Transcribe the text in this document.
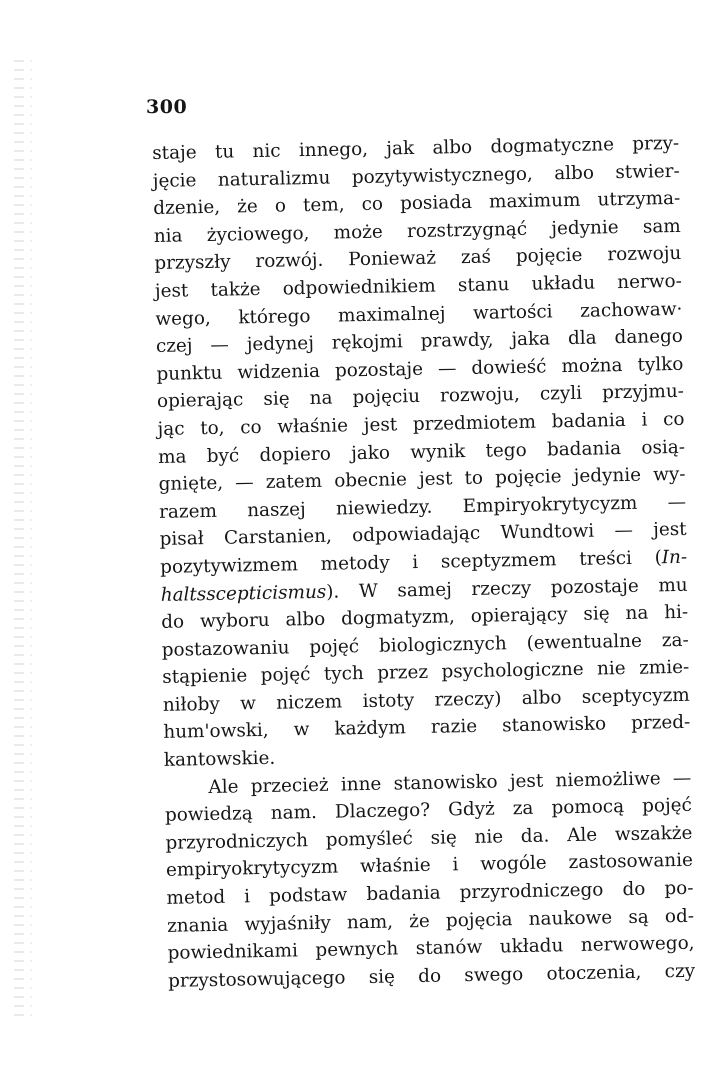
300
staje tu nic innego, jak albo dogmatyczne przy-
jęcie naturalizmu pozytywistycznego, albo stwier-
dzenie, że o tem, co posiada maximum utrzyma-
nia życiowego, może rozstrzygnąć jedynie sam
przyszły rozwój. Ponieważ zaś pojęcie rozwoju
jest także odpowiednikiem stanu układu nerwo-
wego, którego maximalnej wartości zachowaw·
czej — jedynej rękojmi prawdy, jaka dla danego
punktu widzenia pozostaje — dowieść można tylko
opierając się na pojęciu rozwoju, czyli przyjmu-
jąc to, co właśnie jest przedmiotem badania i co
ma być dopiero jako wynik tego badania osią-
gnięte, — zatem obecnie jest to pojęcie jedynie wy-
razem naszej niewiedzy. Empiryokrytycyzm —
pisał Carstanien, odpowiadając Wundtowi — jest
pozytywizmem metody i sceptyzmem treści (In-
haltsscepticismus). W samej rzeczy pozostaje mu
do wyboru albo dogmatyzm, opierający się na hi-
postazowaniu pojęć biologicznych (ewentualne za-
stąpienie pojęć tych przez psychologiczne nie zmie-
niłoby w niczem istoty rzeczy) albo sceptycyzm
hum'owski, w każdym razie stanowisko przed-
kantowskie.
Ale przecież inne stanowisko jest niemożliwe —
powiedzą nam. Dlaczego? Gdyż za pomocą pojęć
przyrodniczych pomyśleć się nie da. Ale wszakże
empiryokrytycyzm właśnie i wogóle zastosowanie
metod i podstaw badania przyrodniczego do po-
znania wyjaśniły nam, że pojęcia naukowe są od-
powiednikami pewnych stanów układu nerwowego,
przystosowującego się do swego otoczenia, czy
